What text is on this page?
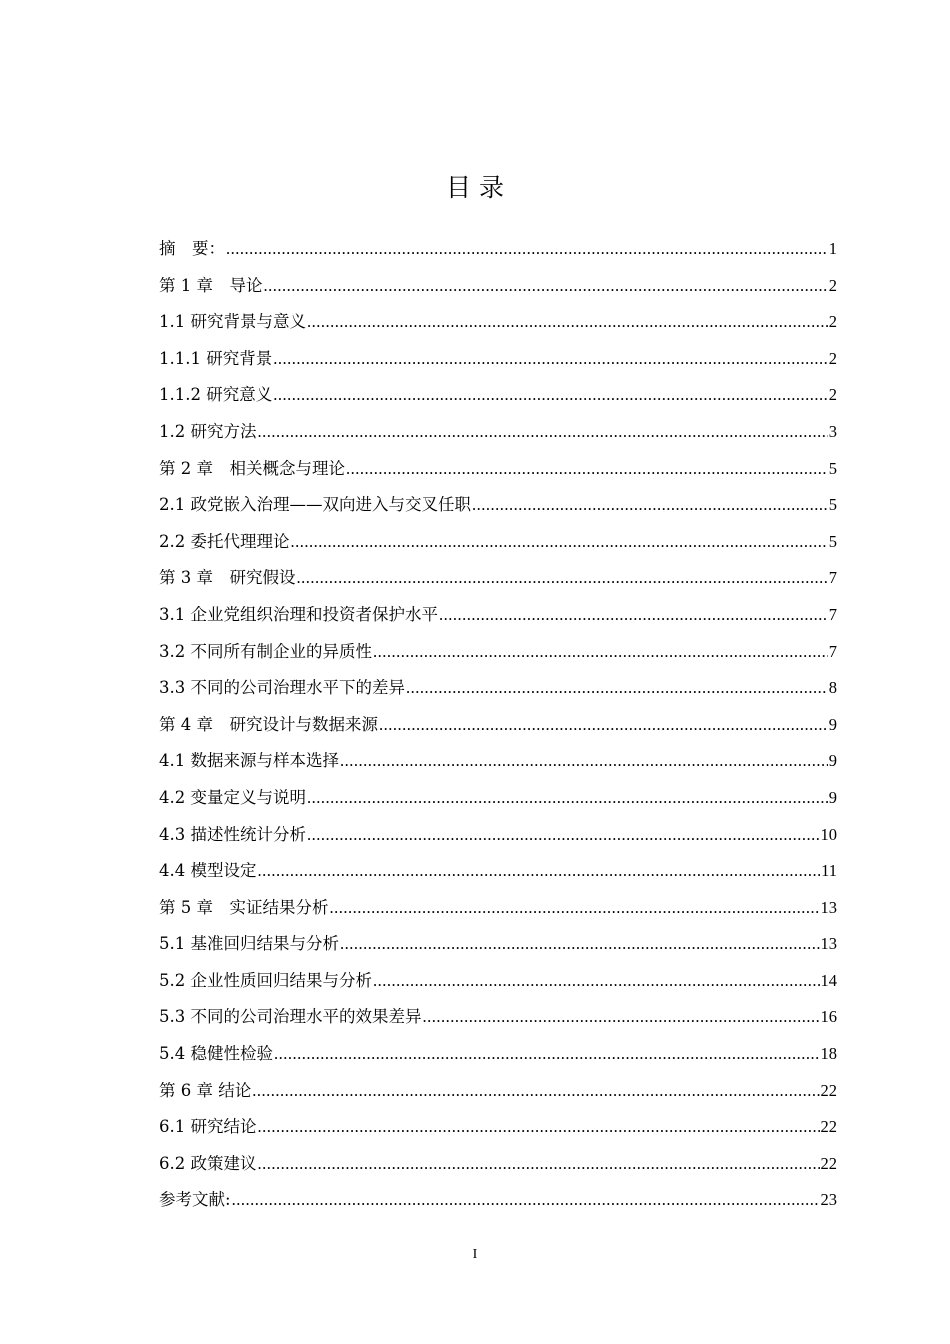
目 录
摘　要： .....	1
第 1 章　导论 .....	2
1.1 研究背景与意义 .....	2
1.1.1 研究背景 .....	2
1.1.2 研究意义 .....	2
1.2 研究方法 .....	3
第 2 章　相关概念与理论 .....	5
2.1 政党嵌入治理——双向进入与交叉任职 .....	5
2.2 委托代理理论 .....	5
第 3 章　研究假设 .....	7
3.1 企业党组织治理和投资者保护水平 .....	7
3.2 不同所有制企业的异质性 .....	7
3.3 不同的公司治理水平下的差异 .....	8
第 4 章　研究设计与数据来源 .....	9
4.1 数据来源与样本选择 .....	9
4.2 变量定义与说明 .....	9
4.3 描述性统计分析 .....	10
4.4 模型设定 .....	11
第 5 章　实证结果分析 .....	13
5.1 基准回归结果与分析 .....	13
5.2 企业性质回归结果与分析 .....	14
5.3 不同的公司治理水平的效果差异 .....	16
5.4 稳健性检验 .....	18
第 6 章 结论 .....	22
6.1 研究结论 .....	22
6.2 政策建议 .....	22
参考文献: .....	23
I
